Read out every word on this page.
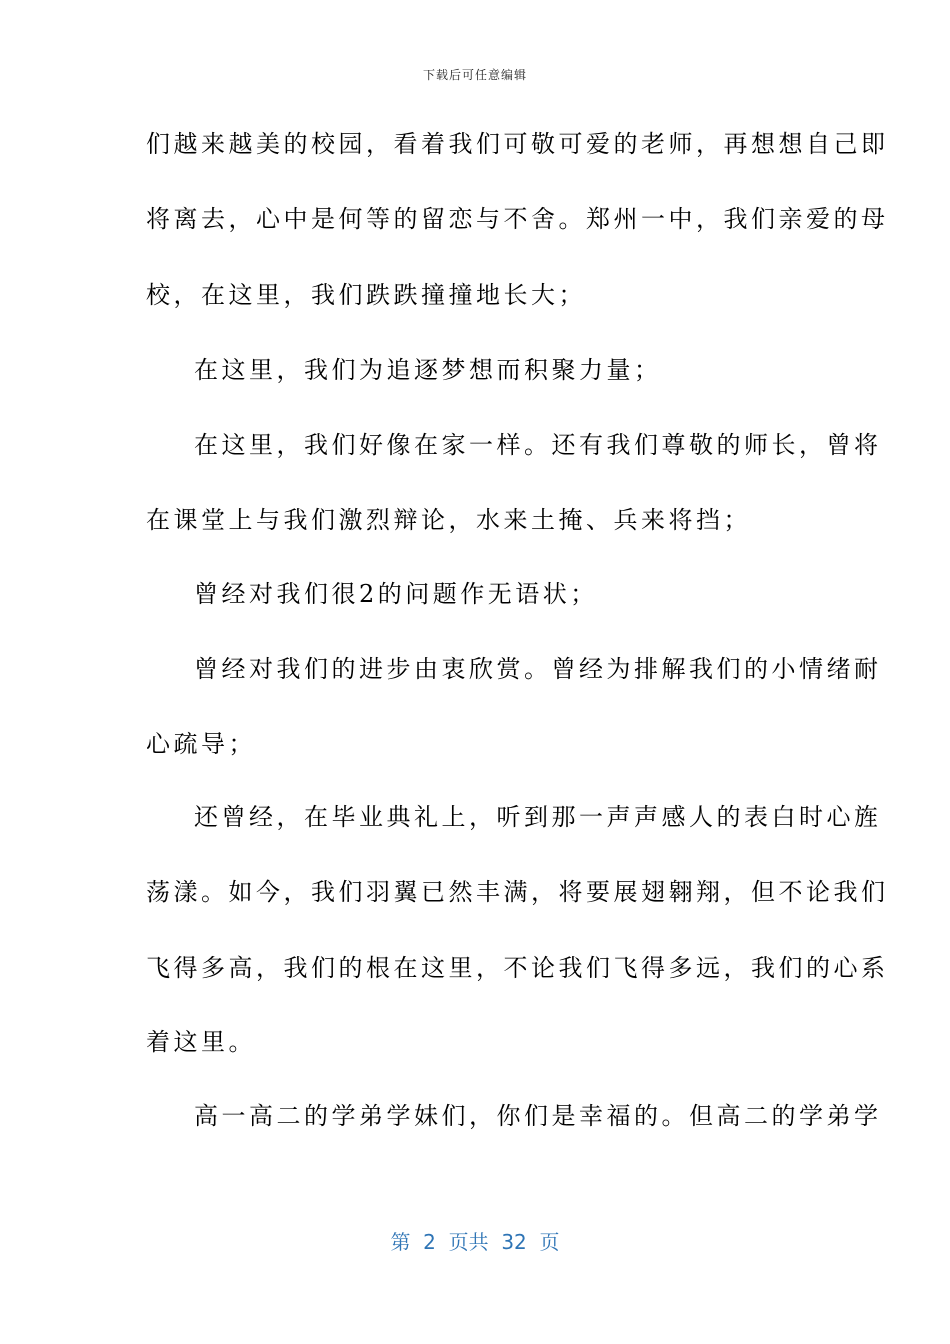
下载后可任意编辑
们越来越美的校园，看着我们可敬可爱的老师，再想想自己即
将离去，心中是何等的留恋与不舍。郑州一中，我们亲爱的母
校，在这里，我们跌跌撞撞地长大；
在这里，我们为追逐梦想而积聚力量；
在这里，我们好像在家一样。还有我们尊敬的师长，曾将
在课堂上与我们激烈辩论，水来土掩、兵来将挡；
曾经对我们很2的问题作无语状；
曾经对我们的进步由衷欣赏。曾经为排解我们的小情绪耐
心疏导；
还曾经，在毕业典礼上，听到那一声声感人的表白时心旌
荡漾。如今，我们羽翼已然丰满，将要展翅翱翔，但不论我们
飞得多高，我们的根在这里，不论我们飞得多远，我们的心系
着这里。
高一高二的学弟学妹们，你们是幸福的。但高二的学弟学
第  2  页共  32  页
